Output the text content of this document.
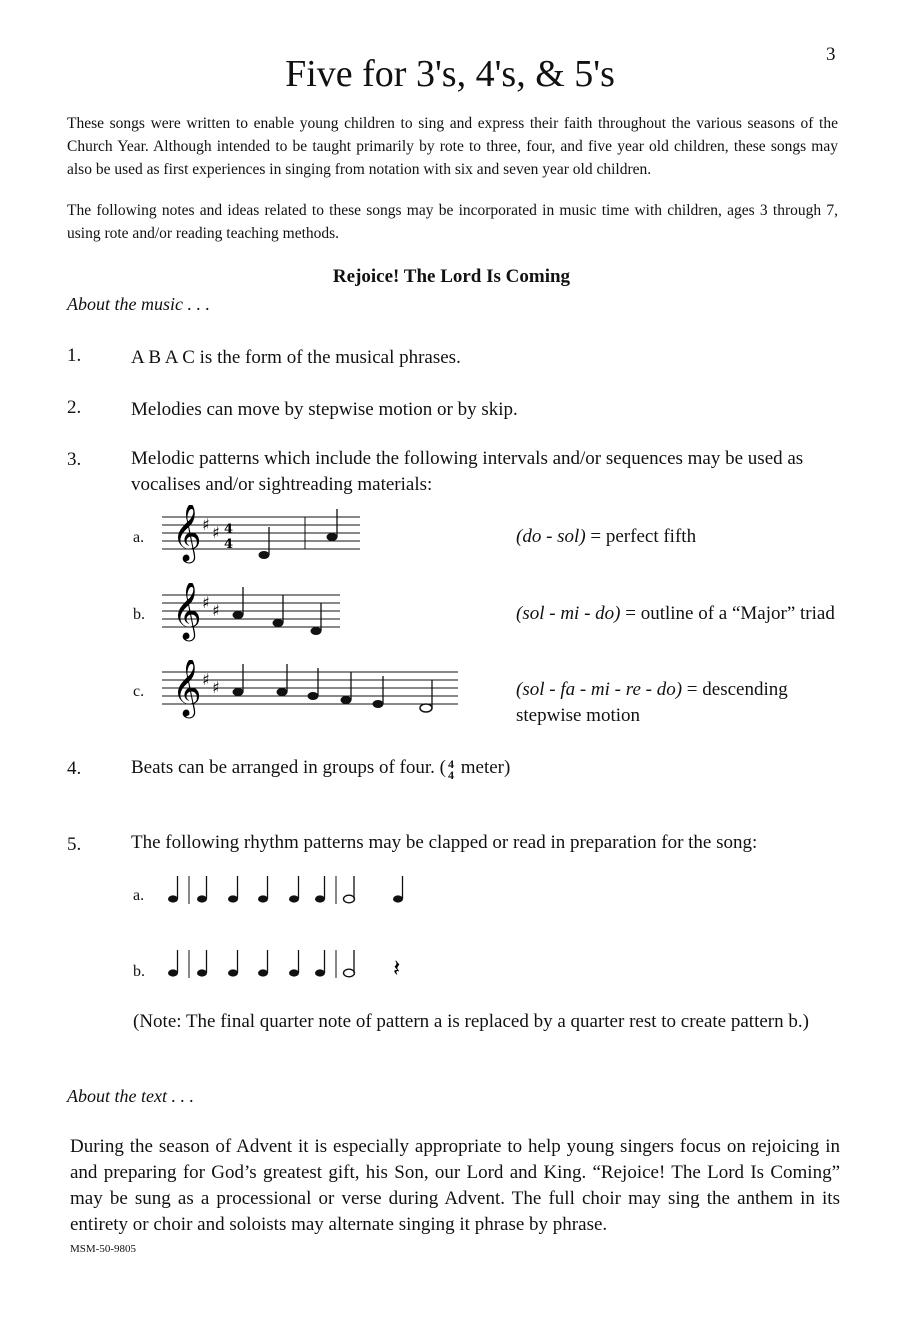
3
Five for 3's, 4's, & 5's
These songs were written to enable young children to sing and express their faith throughout the various seasons of the Church Year. Although intended to be taught primarily by rote to three, four, and five year old children, these songs may also be used as first experiences in singing from notation with six and seven year old children.
The following notes and ideas related to these songs may be incorporated in music time with children, ages 3 through 7, using rote and/or reading teaching methods.
Rejoice! The Lord Is Coming
About the music . . .
1.	A B A C is the form of the musical phrases.
2.	Melodies can move by stepwise motion or by skip.
3.	Melodic patterns which include the following intervals and/or sequences may be used as vocalises and/or sightreading materials:
a. 𝄞 ♯ ♯ 4
4	(do - sol) = perfect fifth
b. 𝄞 ♯ ♯	(sol - mi - do) = outline of a “Major” triad
c. 𝄞 ♯ ♯	(sol - fa - mi - re - do) = descending stepwise motion
4.	Beats can be arranged in groups of four. ( 4
4 meter)
5.	The following rhythm patterns may be clapped or read in preparation for the song:
a.
b.	𝄽
(Note: The final quarter note of pattern a is replaced by a quarter rest to create pattern b.)
About the text . . .
During the season of Advent it is especially appropriate to help young singers focus on rejoicing in and preparing for God’s greatest gift, his Son, our Lord and King. “Rejoice! The Lord Is Coming” may be sung as a processional or verse during Advent. The full choir may sing the anthem in its entirety or choir and soloists may alternate singing it phrase by phrase.
MSM-50-9805
